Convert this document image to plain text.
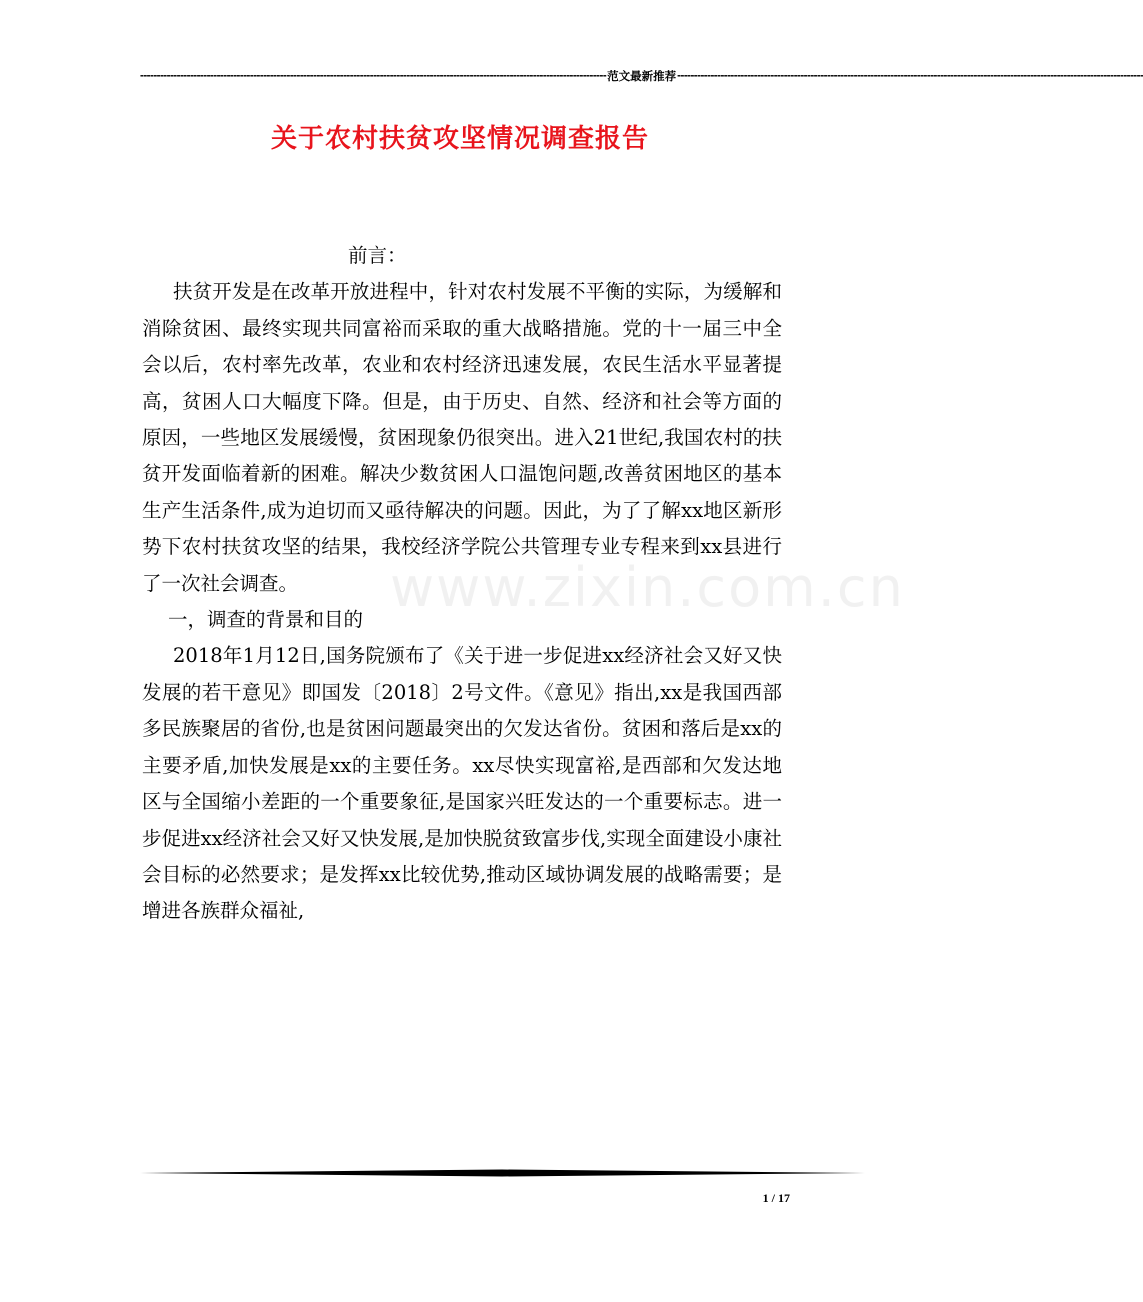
-------------------------------------------------------------------------------------------------------------------------------------------- 范文最新推荐 --------------------------------------------------------------------------------------------------------------------------------------------
关于农村扶贫攻坚情况调查报告
www.zixin.com.cn

前言：

扶贫开发是在改革开放进程中，针对农村发展不平衡的实际，为缓解和消除贫困、最终实现共同富裕而采取的重大战略措施。党的十一届三中全会以后，农村率先改革，农业和农村经济迅速发展，农民生活水平显著提高，贫困人口大幅度下降。但是，由于历史、自然、经济和社会等方面的原因，一些地区发展缓慢，贫困现象仍很突出。进入21世纪,我国农村的扶贫开发面临着新的困难。解决少数贫困人口温饱问题,改善贫困地区的基本生产生活条件,成为迫切而又亟待解决的问题。因此，为了了解xx地区新形势下农村扶贫攻坚的结果，我校经济学院公共管理专业专程来到xx县进行了一次社会调查。

一，调查的背景和目的

2018年1月12日,国务院颁布了《关于进一步促进xx经济社会又好又快发展的若干意见》即国发〔2018〕2号文件。《意见》指出,xx是我国西部多民族聚居的省份,也是贫困问题最突出的欠发达省份。贫困和落后是xx的主要矛盾,加快发展是xx的主要任务。xx尽快实现富裕,是西部和欠发达地区与全国缩小差距的一个重要象征,是国家兴旺发达的一个重要标志。进一步促进xx经济社会又好又快发展,是加快脱贫致富步伐,实现全面建设小康社会目标的必然要求；是发挥xx比较优势,推动区域协调发展的战略需要；是增进各族群众福祉,

1 / 17
